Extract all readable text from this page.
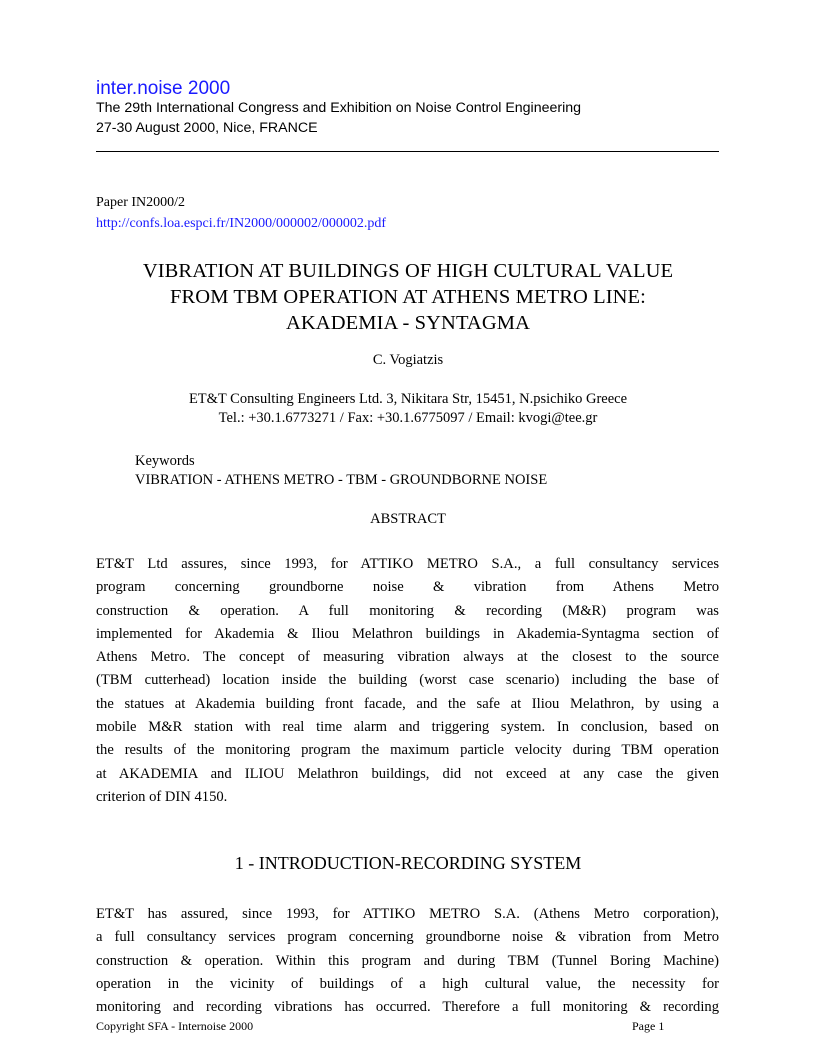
inter.noise 2000
The 29th International Congress and Exhibition on Noise Control Engineering
27-30 August 2000, Nice, FRANCE
Paper IN2000/2
http://confs.loa.espci.fr/IN2000/000002/000002.pdf
VIBRATION AT BUILDINGS OF HIGH CULTURAL VALUE
FROM TBM OPERATION AT ATHENS METRO LINE:
AKADEMIA - SYNTAGMA
C. Vogiatzis
ET&T Consulting Engineers Ltd. 3, Nikitara Str, 15451, N.psichiko Greece
Tel.: +30.1.6773271 / Fax: +30.1.6775097 / Email: kvogi@tee.gr
Keywords
VIBRATION - ATHENS METRO - TBM - GROUNDBORNE NOISE
ABSTRACT
ET&T Ltd assures, since 1993, for ATTIKO METRO S.A., a full consultancy services
program concerning groundborne noise & vibration from Athens Metro
construction & operation. A full monitoring & recording (M&R) program was
implemented for Akademia & Iliou Melathron buildings in Akademia-Syntagma section of
Athens Metro. The concept of measuring vibration always at the closest to the source
(TBM cutterhead) location inside the building (worst case scenario) including the base of
the statues at Akademia building front facade, and the safe at Iliou Melathron, by using a
mobile M&R station with real time alarm and triggering system. In conclusion, based on
the results of the monitoring program the maximum particle velocity during TBM operation
at AKADEMIA and ILIOU Melathron buildings, did not exceed at any case the given
criterion of DIN 4150.
1 - INTRODUCTION-RECORDING SYSTEM
ET&T has assured, since 1993, for ATTIKO METRO S.A. (Athens Metro corporation),
a full consultancy services program concerning groundborne noise & vibration from Metro
construction & operation. Within this program and during TBM (Tunnel Boring Machine)
operation in the vicinity of buildings of a high cultural value, the necessity for
monitoring and recording vibrations has occurred. Therefore a full monitoring & recording
Copyright SFA - Internoise 2000	Page 1
